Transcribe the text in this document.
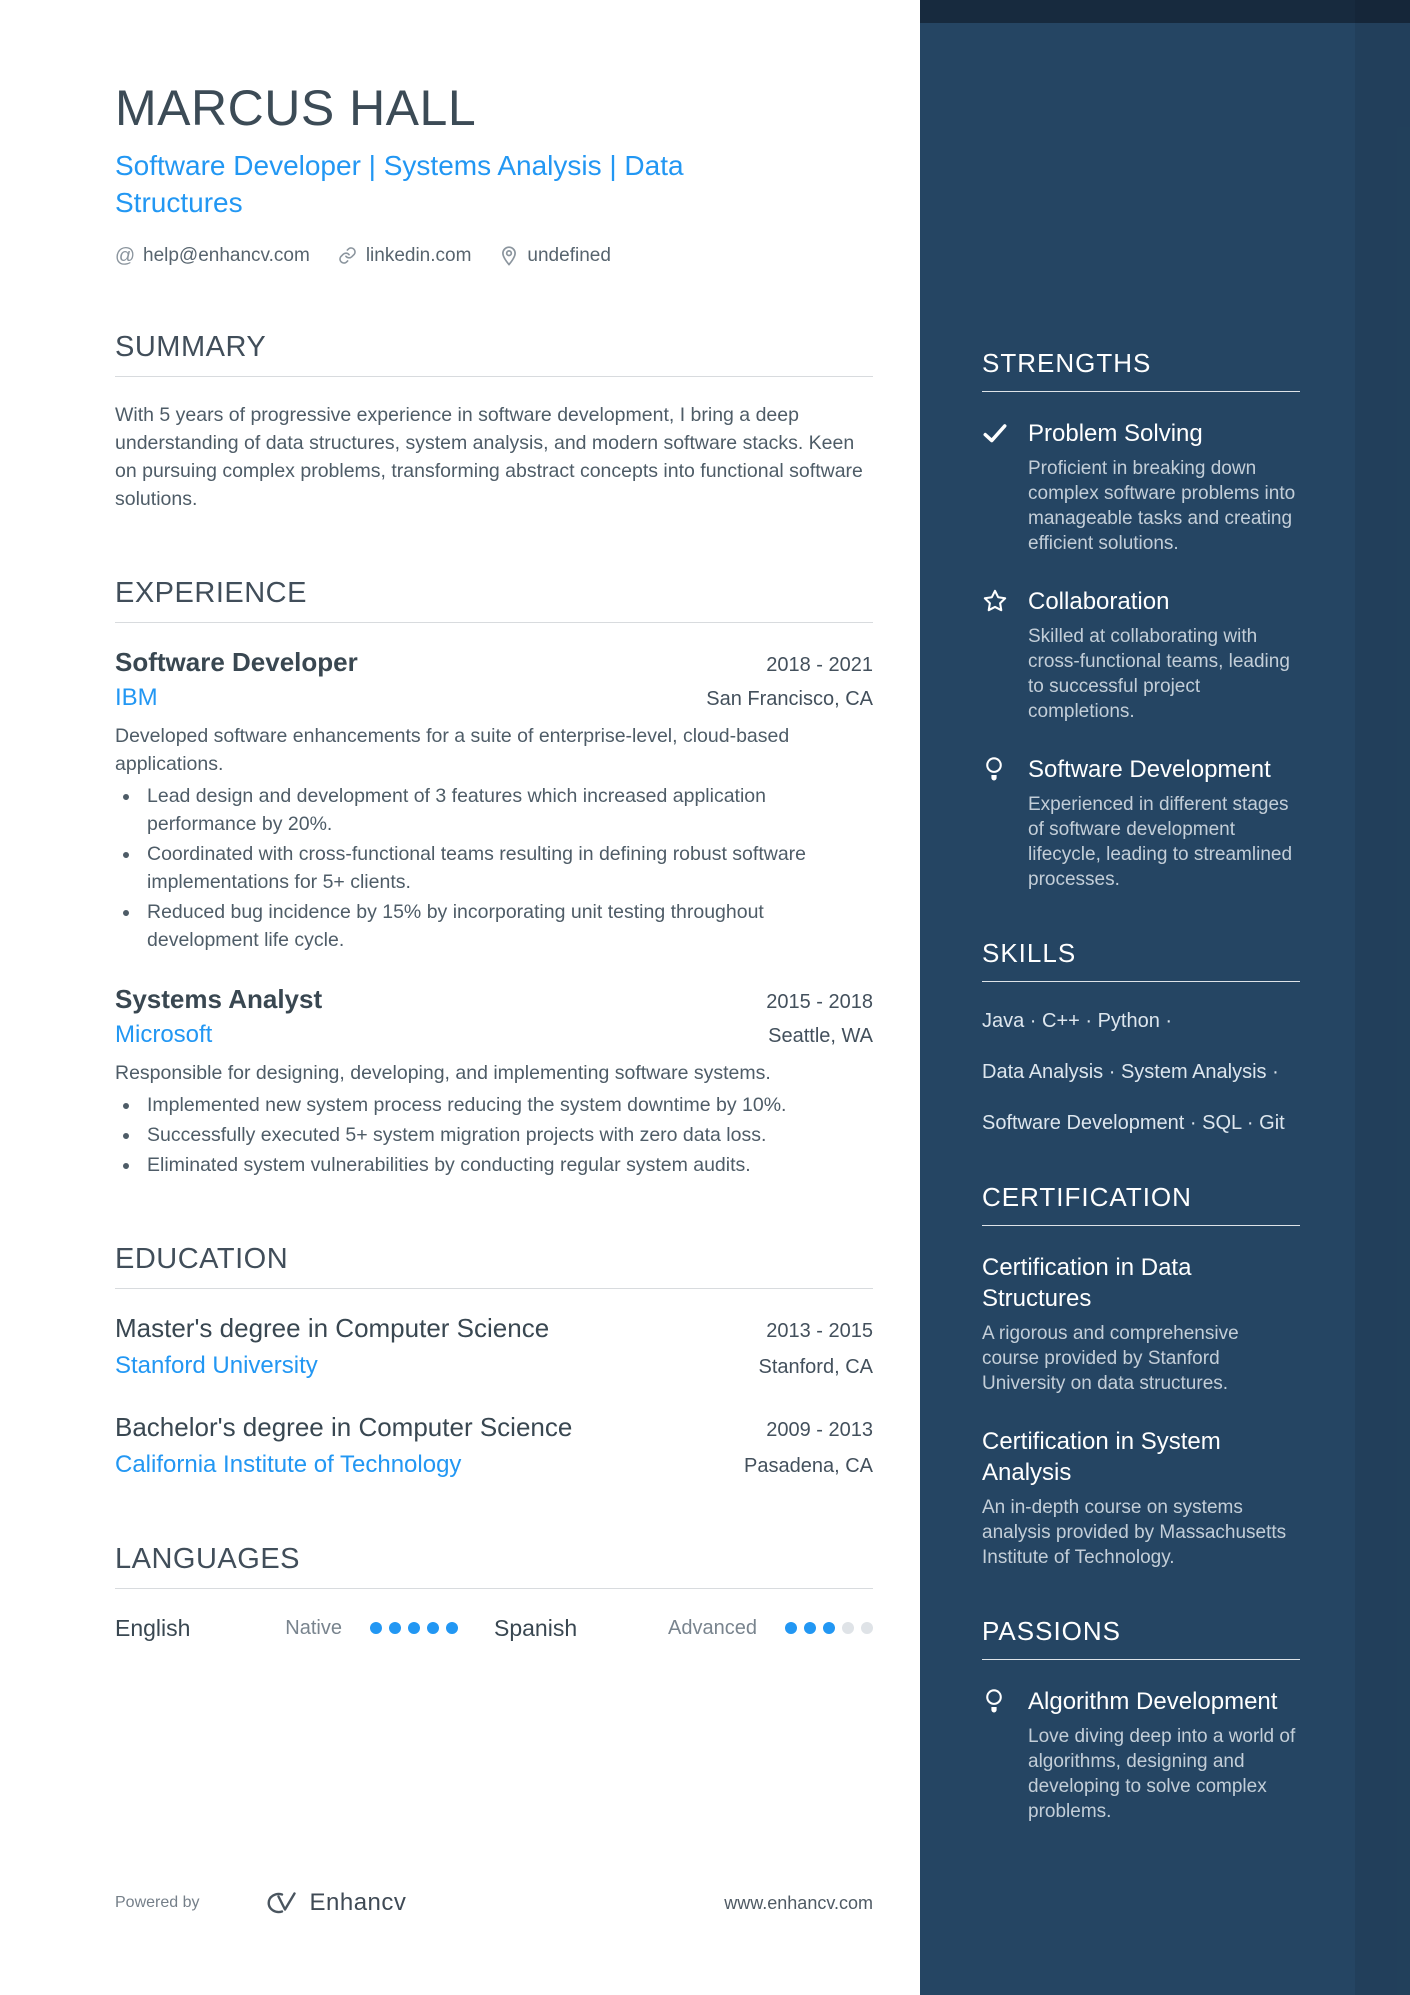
MARCUS HALL
Software Developer | Systems Analysis | Data Structures
@ help@enhancv.com	linkedin.com	undefined
SUMMARY

With 5 years of progressive experience in software development, I bring a deep understanding of data structures, system analysis, and modern software stacks. Keen on pursuing complex problems, transforming abstract concepts into functional software solutions.

EXPERIENCE
Software Developer	2018 - 2021
IBM	San Francisco, CA

Developed software enhancements for a suite of enterprise-level, cloud-based applications.

• Lead design and development of 3 features which increased application performance by 20%.
• Coordinated with cross-functional teams resulting in defining robust software implementations for 5+ clients.
• Reduced bug incidence by 15% by incorporating unit testing throughout development life cycle.
Systems Analyst	2015 - 2018
Microsoft	Seattle, WA

Responsible for designing, developing, and implementing software systems.

• Implemented new system process reducing the system downtime by 10%.
• Successfully executed 5+ system migration projects with zero data loss.
• Eliminated system vulnerabilities by conducting regular system audits.
EDUCATION
Master's degree in Computer Science	2013 - 2015
Stanford University	Stanford, CA
Bachelor's degree in Computer Science	2009 - 2013
California Institute of Technology	Pasadena, CA
LANGUAGES
English	Native	Spanish	Advanced
STRENGTHS
Problem Solving

Proficient in breaking down complex software problems into manageable tasks and creating efficient solutions.

Collaboration

Skilled at collaborating with cross-functional teams, leading to successful project completions.

Software Development

Experienced in different stages of software development lifecycle, leading to streamlined processes.

SKILLS

Java · C++ · Python ·

Data Analysis · System Analysis ·

Software Development · SQL · Git

CERTIFICATION
Certification in Data Structures

A rigorous and comprehensive course provided by Stanford University on data structures.

Certification in System Analysis

An in-depth course on systems analysis provided by Massachusetts Institute of Technology.

PASSIONS
Algorithm Development

Love diving deep into a world of algorithms, designing and developing to solve complex problems.

Powered by	Enhancv	www.enhancv.com
